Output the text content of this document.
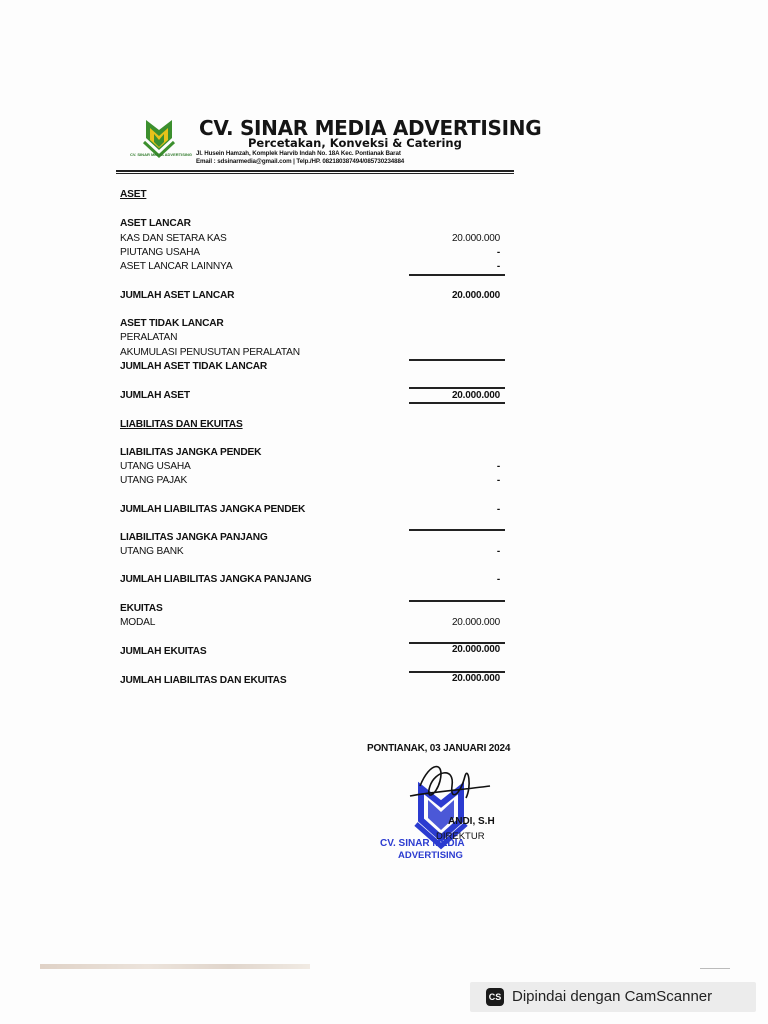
CV. SINAR MEDIA ADVERTISING
CV. SINAR MEDIA ADVERTISING
Percetakan, Konveksi & Catering
Jl. Husein Hamzah, Komplek Harvib Indah No. 18A Kec. Pontianak Barat
Email : sdsinarmedia@gmail.com | Telp./HP. 082180387494/085730234884
ASET
ASET LANCAR
KAS DAN SETARA KAS	20.000.000
PIUTANG USAHA	-
ASET LANCAR LAINNYA	-
JUMLAH ASET LANCAR	20.000.000
ASET TIDAK LANCAR
PERALATAN
AKUMULASI PENUSUTAN PERALATAN
JUMLAH ASET TIDAK LANCAR
JUMLAH ASET	20.000.000
LIABILITAS DAN EKUITAS
LIABILITAS JANGKA PENDEK
UTANG USAHA	-
UTANG PAJAK	-
JUMLAH LIABILITAS JANGKA PENDEK	-
LIABILITAS JANGKA PANJANG
UTANG BANK	-
JUMLAH LIABILITAS JANGKA PANJANG	-
EKUITAS
MODAL	20.000.000
JUMLAH EKUITAS	20.000.000
JUMLAH LIABILITAS DAN EKUITAS	20.000.000
PONTIANAK, 03 JANUARI 2024
ANDI, S.H
DIREKTUR
CV. SINAR MEDIA
ADVERTISING
CS Dipindai dengan CamScanner
